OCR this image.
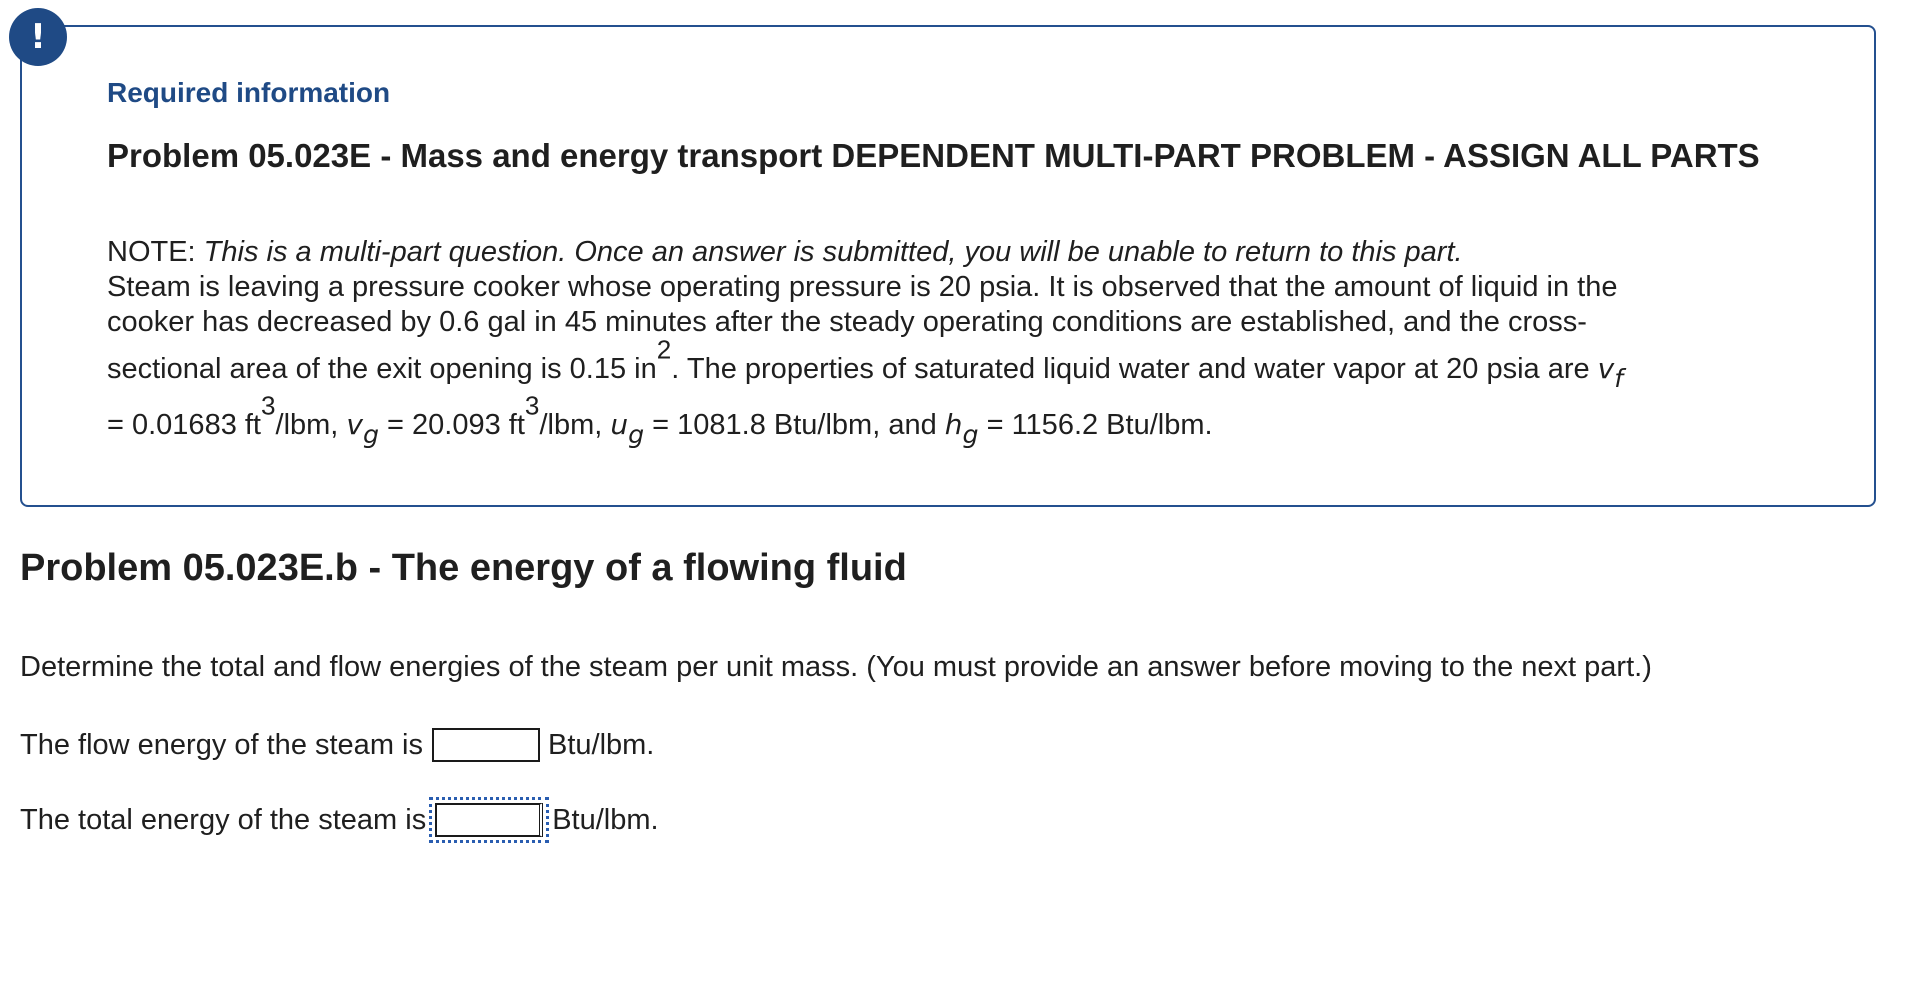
!
Required information
Problem 05.023E - Mass and energy transport DEPENDENT MULTI-PART PROBLEM - ASSIGN ALL PARTS
NOTE: This is a multi-part question. Once an answer is submitted, you will be unable to return to this part.
Steam is leaving a pressure cooker whose operating pressure is 20 psia. It is observed that the amount of liquid in the
cooker has decreased by 0.6 gal in 45 minutes after the steady operating conditions are established, and the cross-
sectional area of the exit opening is 0.15 $in^2$. The properties of saturated liquid water and water vapor at 20 psia are $v_f$
= 0.01683 $ft^3$/lbm, $v_g = 20.093$ $ft^3$/lbm, $u_g = 1081.8$ Btu/lbm, and $h_g = 1156.2$ Btu/lbm.
Problem 05.023E.b - The energy of a flowing fluid
Determine the total and flow energies of the steam per unit mass. (You must provide an answer before moving to the next part.)
The flow energy of the steam is	Btu/lbm.
The total energy of the steam is	Btu/lbm.
